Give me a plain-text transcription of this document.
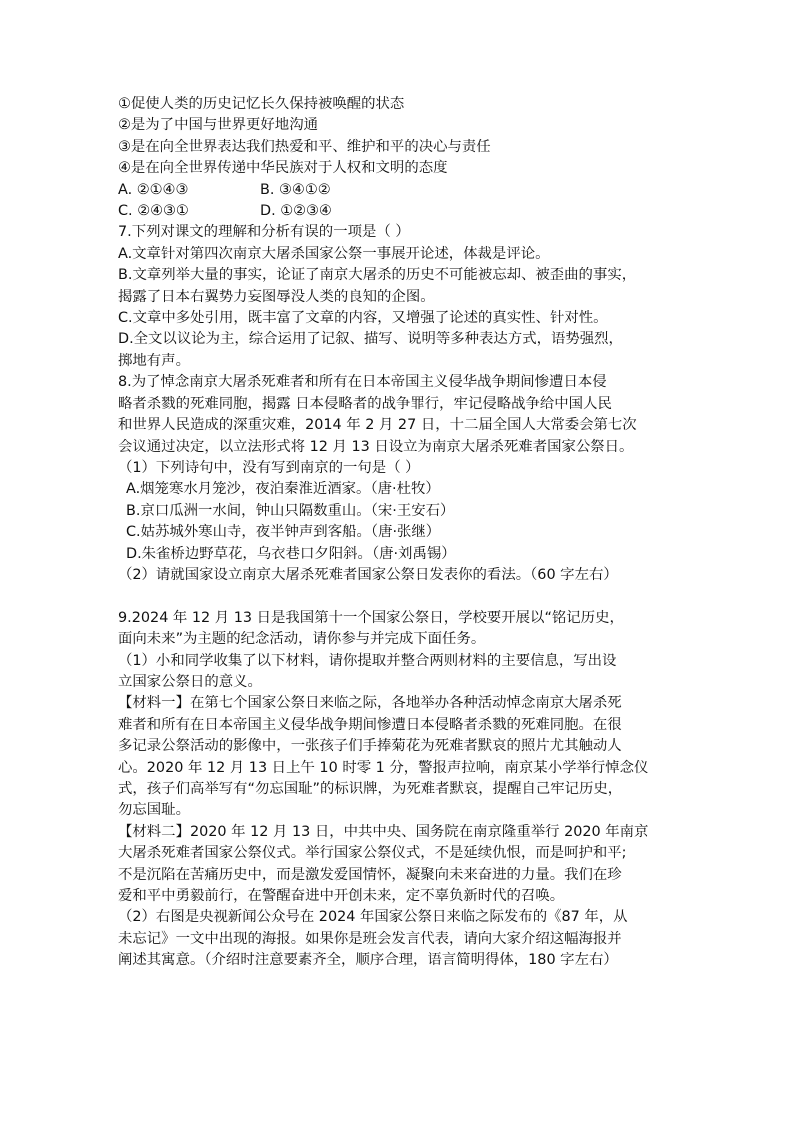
①促使人类的历史记忆长久保持被唤醒的状态
②是为了中国与世界更好地沟通
③是在向全世界表达我们热爱和平、维护和平的决心与责任
④是在向全世界传递中华民族对于人权和文明的态度
A. ②①④③	B. ③④①②
C. ②④③①	D. ①②③④
7.下列对课文的理解和分析有误的一项是（ ）
A.文章针对第四次南京大屠杀国家公祭一事展开论述，体裁是评论。
B.文章列举大量的事实，论证了南京大屠杀的历史不可能被忘却、被歪曲的事实，
揭露了日本右翼势力妄图辱没人类的良知的企图。
C.文章中多处引用，既丰富了文章的内容，又增强了论述的真实性、针对性。
D.全文以议论为主，综合运用了记叙、描写、说明等多种表达方式，语势强烈，
掷地有声。
8.为了悼念南京大屠杀死难者和所有在日本帝国主义侵华战争期间惨遭日本侵
略者杀戮的死难同胞，揭露 日本侵略者的战争罪行，牢记侵略战争给中国人民
和世界人民造成的深重灾难，2014 年 2 月 27 日，十二届全国人大常委会第七次
会议通过决定，以立法形式将 12 月 13 日设立为南京大屠杀死难者国家公祭日。
（1）下列诗句中，没有写到南京的一句是（ ）
A.烟笼寒水月笼沙，夜泊秦淮近酒家。（唐·杜牧）
B.京口瓜洲一水间，钟山只隔数重山。（宋·王安石）
C.姑苏城外寒山寺，夜半钟声到客船。（唐·张继）
D.朱雀桥边野草花，乌衣巷口夕阳斜。（唐·刘禹锡）
（2）请就国家设立南京大屠杀死难者国家公祭日发表你的看法。（60 字左右）
9.2024 年 12 月 13 日是我国第十一个国家公祭日，学校要开展以“铭记历史，
面向未来”为主题的纪念活动，请你参与并完成下面任务。
（1）小和同学收集了以下材料，请你提取并整合两则材料的主要信息，写出设
立国家公祭日的意义。
【材料一】在第七个国家公祭日来临之际，各地举办各种活动悼念南京大屠杀死
难者和所有在日本帝国主义侵华战争期间惨遭日本侵略者杀戮的死难同胞。在很
多记录公祭活动的影像中，一张孩子们手捧菊花为死难者默哀的照片尤其触动人
心。2020 年 12 月 13 日上午 10 时零 1 分，警报声拉响，南京某小学举行悼念仪
式，孩子们高举写有“勿忘国耻”的标识牌，为死难者默哀，提醒自己牢记历史，
勿忘国耻。
【材料二】2020 年 12 月 13 日，中共中央、国务院在南京隆重举行 2020 年南京
大屠杀死难者国家公祭仪式。举行国家公祭仪式，不是延续仇恨，而是呵护和平;
不是沉陷在苦痛历史中，而是激发爱国情怀，凝聚向未来奋进的力量。我们在珍
爱和平中勇毅前行，在警醒奋进中开创未来，定不辜负新时代的召唤。
（2）右图是央视新闻公众号在 2024 年国家公祭日来临之际发布的《87 年，从
未忘记》一文中出现的海报。如果你是班会发言代表，请向大家介绍这幅海报并
阐述其寓意。（介绍时注意要素齐全，顺序合理，语言简明得体，180 字左右）
